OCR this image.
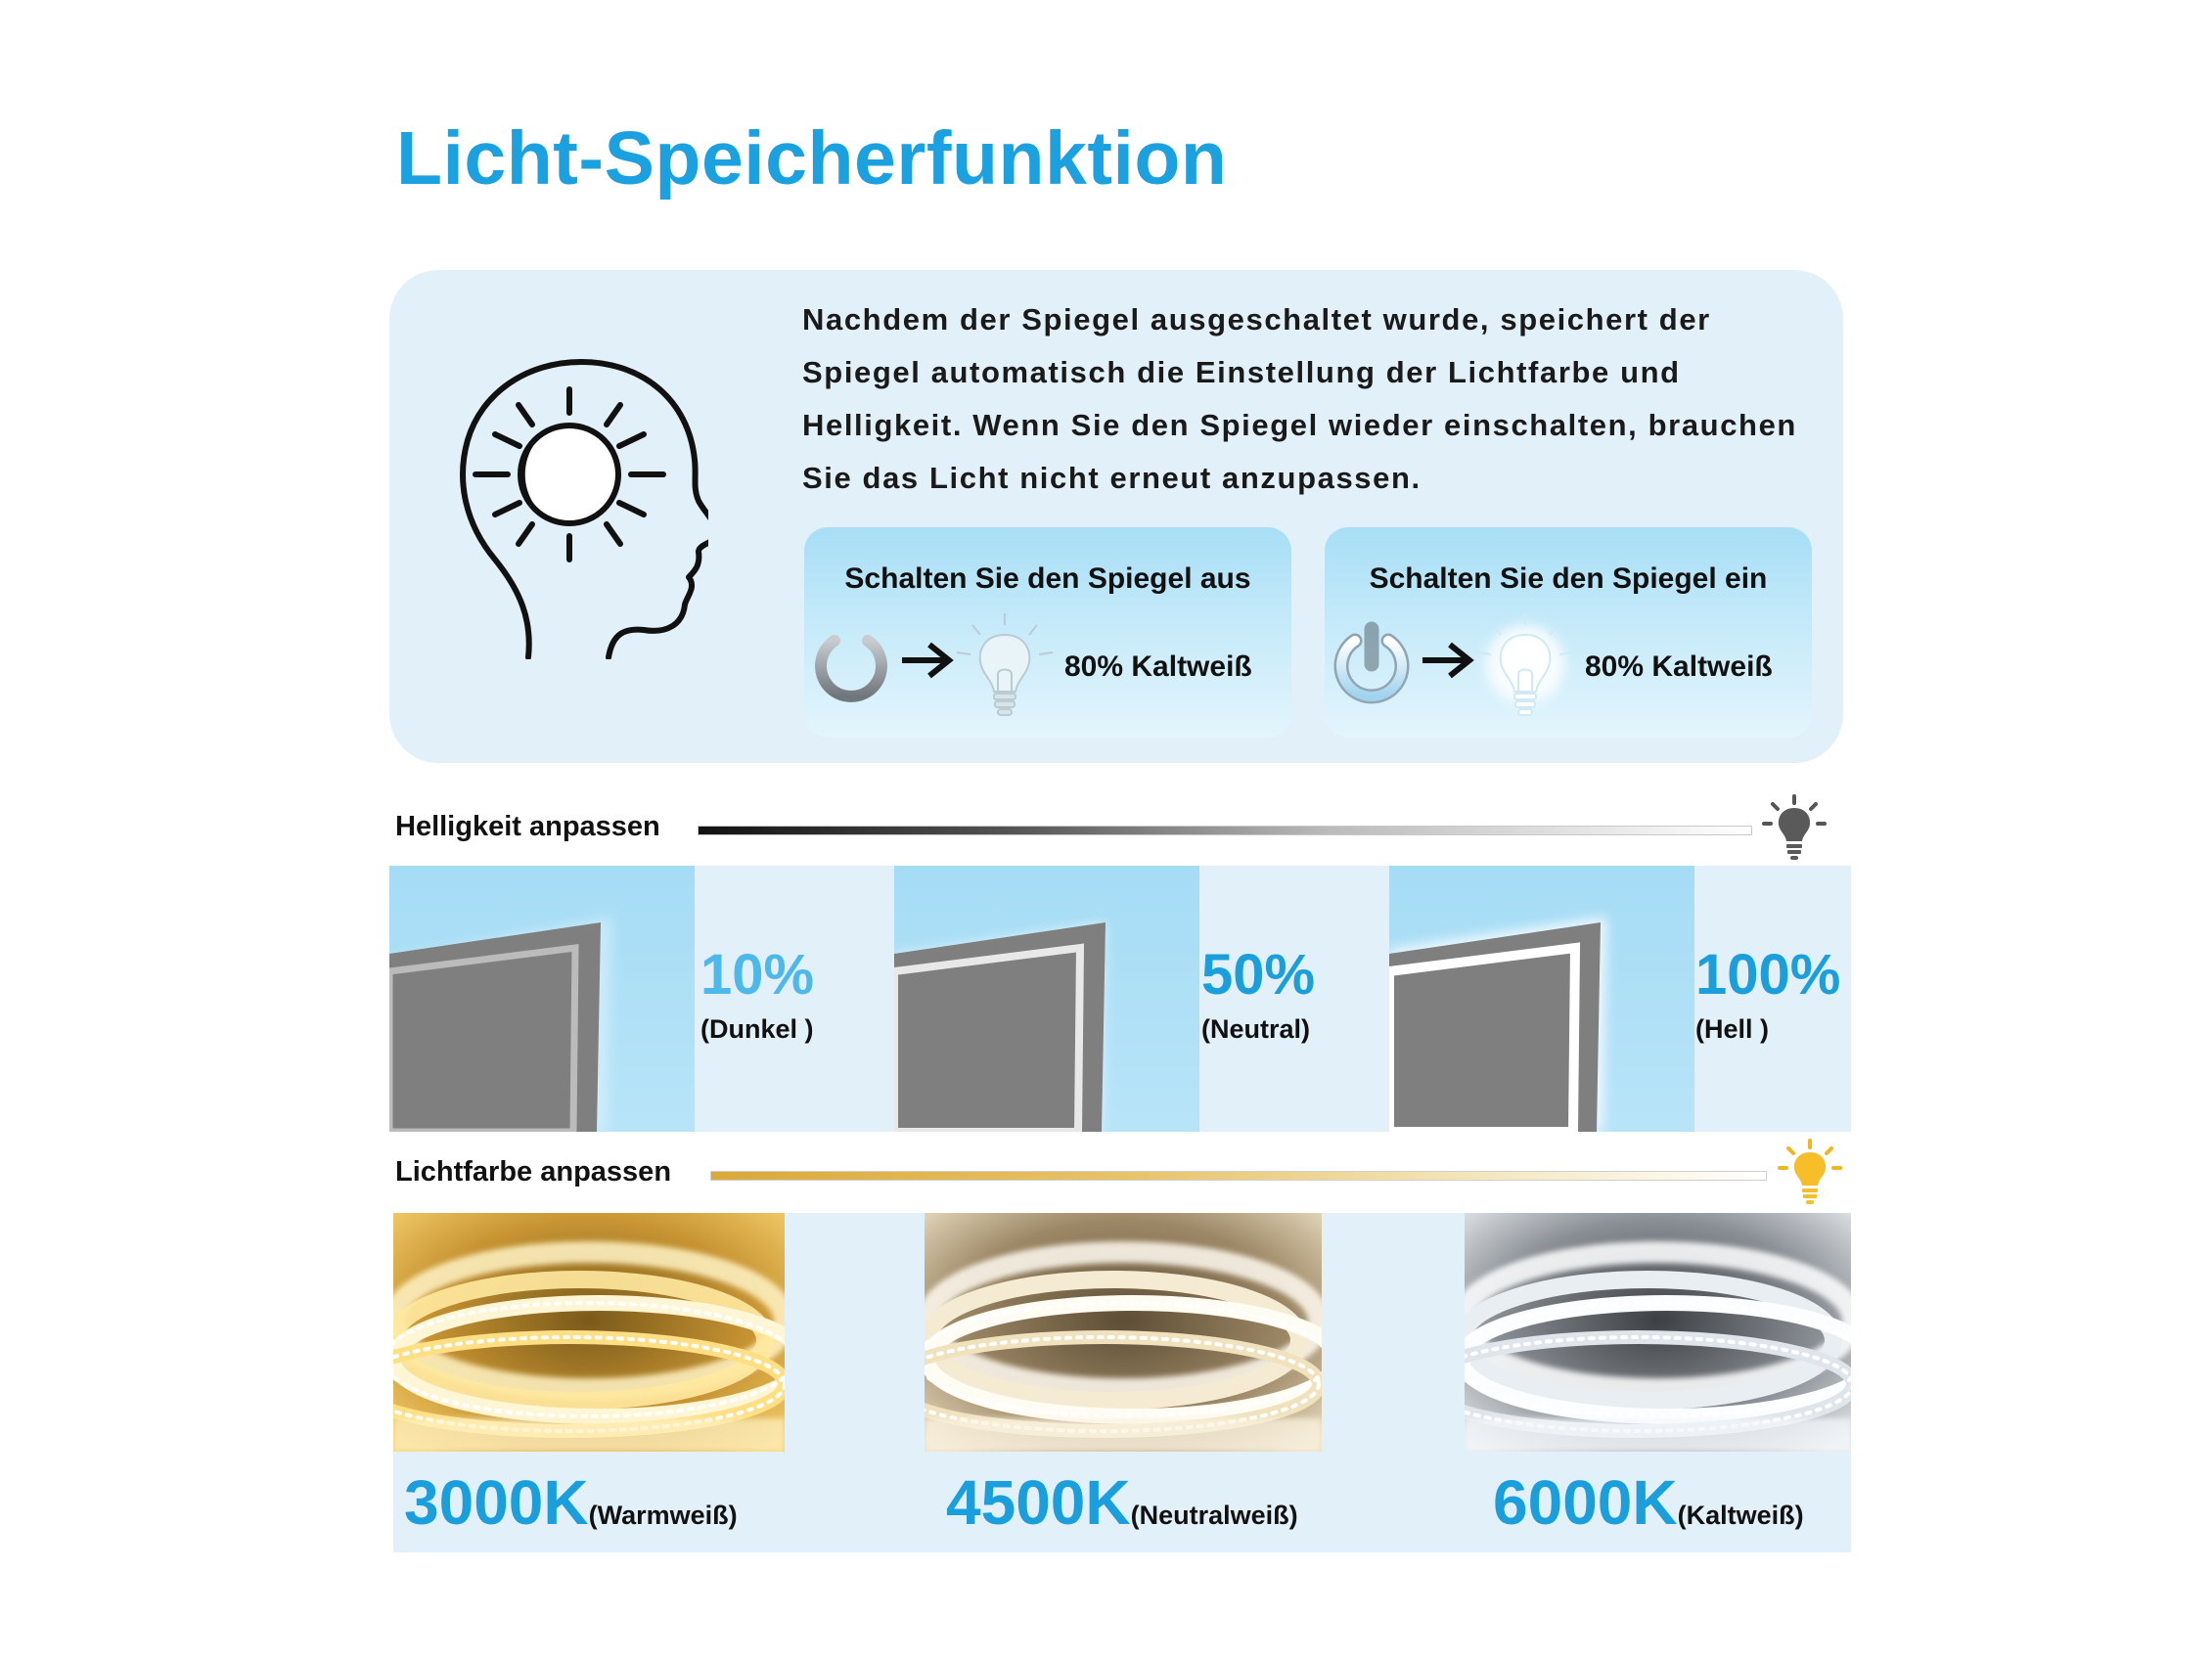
Licht-Speicherfunktion
Nachdem der Spiegel ausgeschaltet wurde, speichert der Spiegel automatisch die Einstellung der Lichtfarbe und Helligkeit. Wenn Sie den Spiegel wieder einschalten, brauchen Sie das Licht nicht erneut anzupassen.
Schalten Sie den Spiegel aus
80% Kaltweiß
Schalten Sie den Spiegel ein
80% Kaltweiß
Helligkeit anpassen
10%
(Dunkel )
50%
(Neutral)
100%
(Hell )
Lichtfarbe anpassen
3000K(Warmweiß)	4500K(Neutralweiß)	6000K(Kaltweiß)
